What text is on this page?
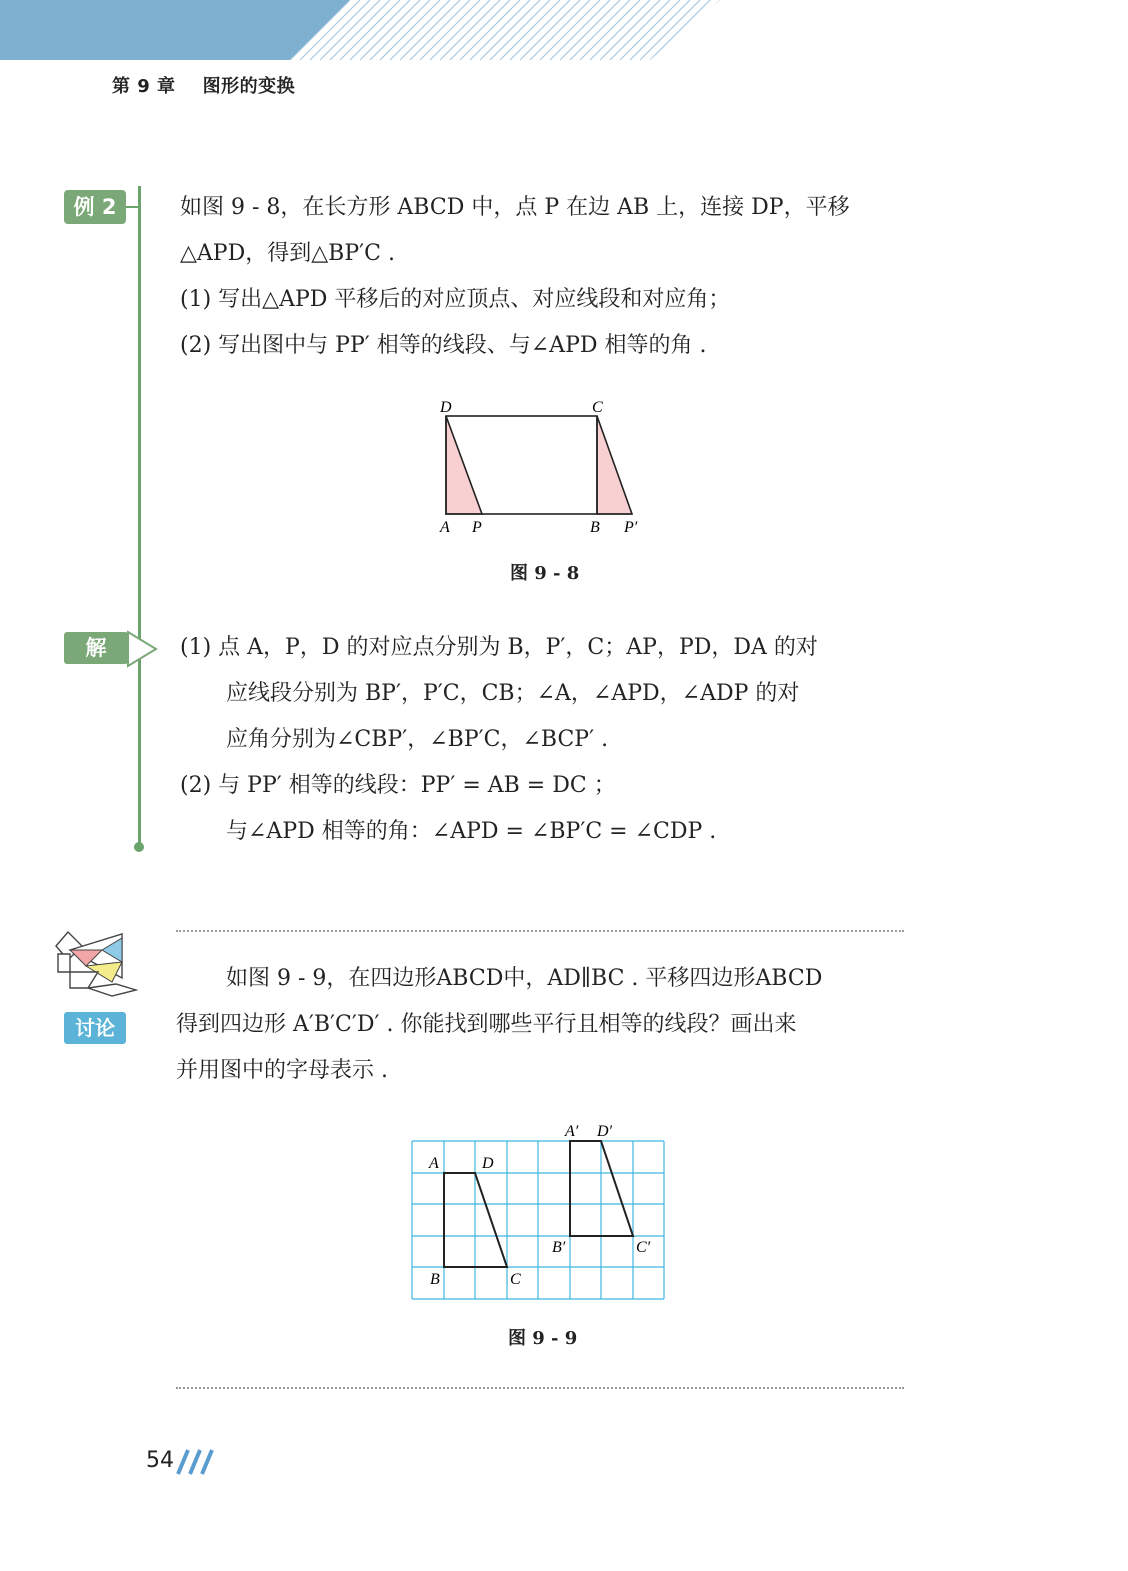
第 9 章    图形的变换
例 2	如图 9 - 8，在长方形 ABCD 中，点 P 在边 AB 上，连接 DP，平移
△APD，得到△BP′C .
(1) 写出△APD 平移后的对应顶点、对应线段和对应角；
(2) 写出图中与 PP′ 相等的线段、与∠APD 相等的角 .
D	C
A P	B P′
图 9 - 8
解	(1) 点 A，P，D 的对应点分别为 B，P′，C；AP，PD，DA 的对
应线段分别为 BP′，P′C，CB；∠A，∠APD，∠ADP 的对
应角分别为∠CBP′，∠BP′C，∠BCP′ .
(2) 与 PP′ 相等的线段：PP′ = AB = DC ；
与∠APD 相等的角：∠APD = ∠BP′C = ∠CDP .
讨论
如图 9 - 9，在四边形ABCD中，AD∥BC . 平移四边形ABCD
得到四边形 A′B′C′D′ . 你能找到哪些平行且相等的线段？画出来
并用图中的字母表示 .
A	D
B	C
A′ D′
B′	C′
图 9 - 9
54
